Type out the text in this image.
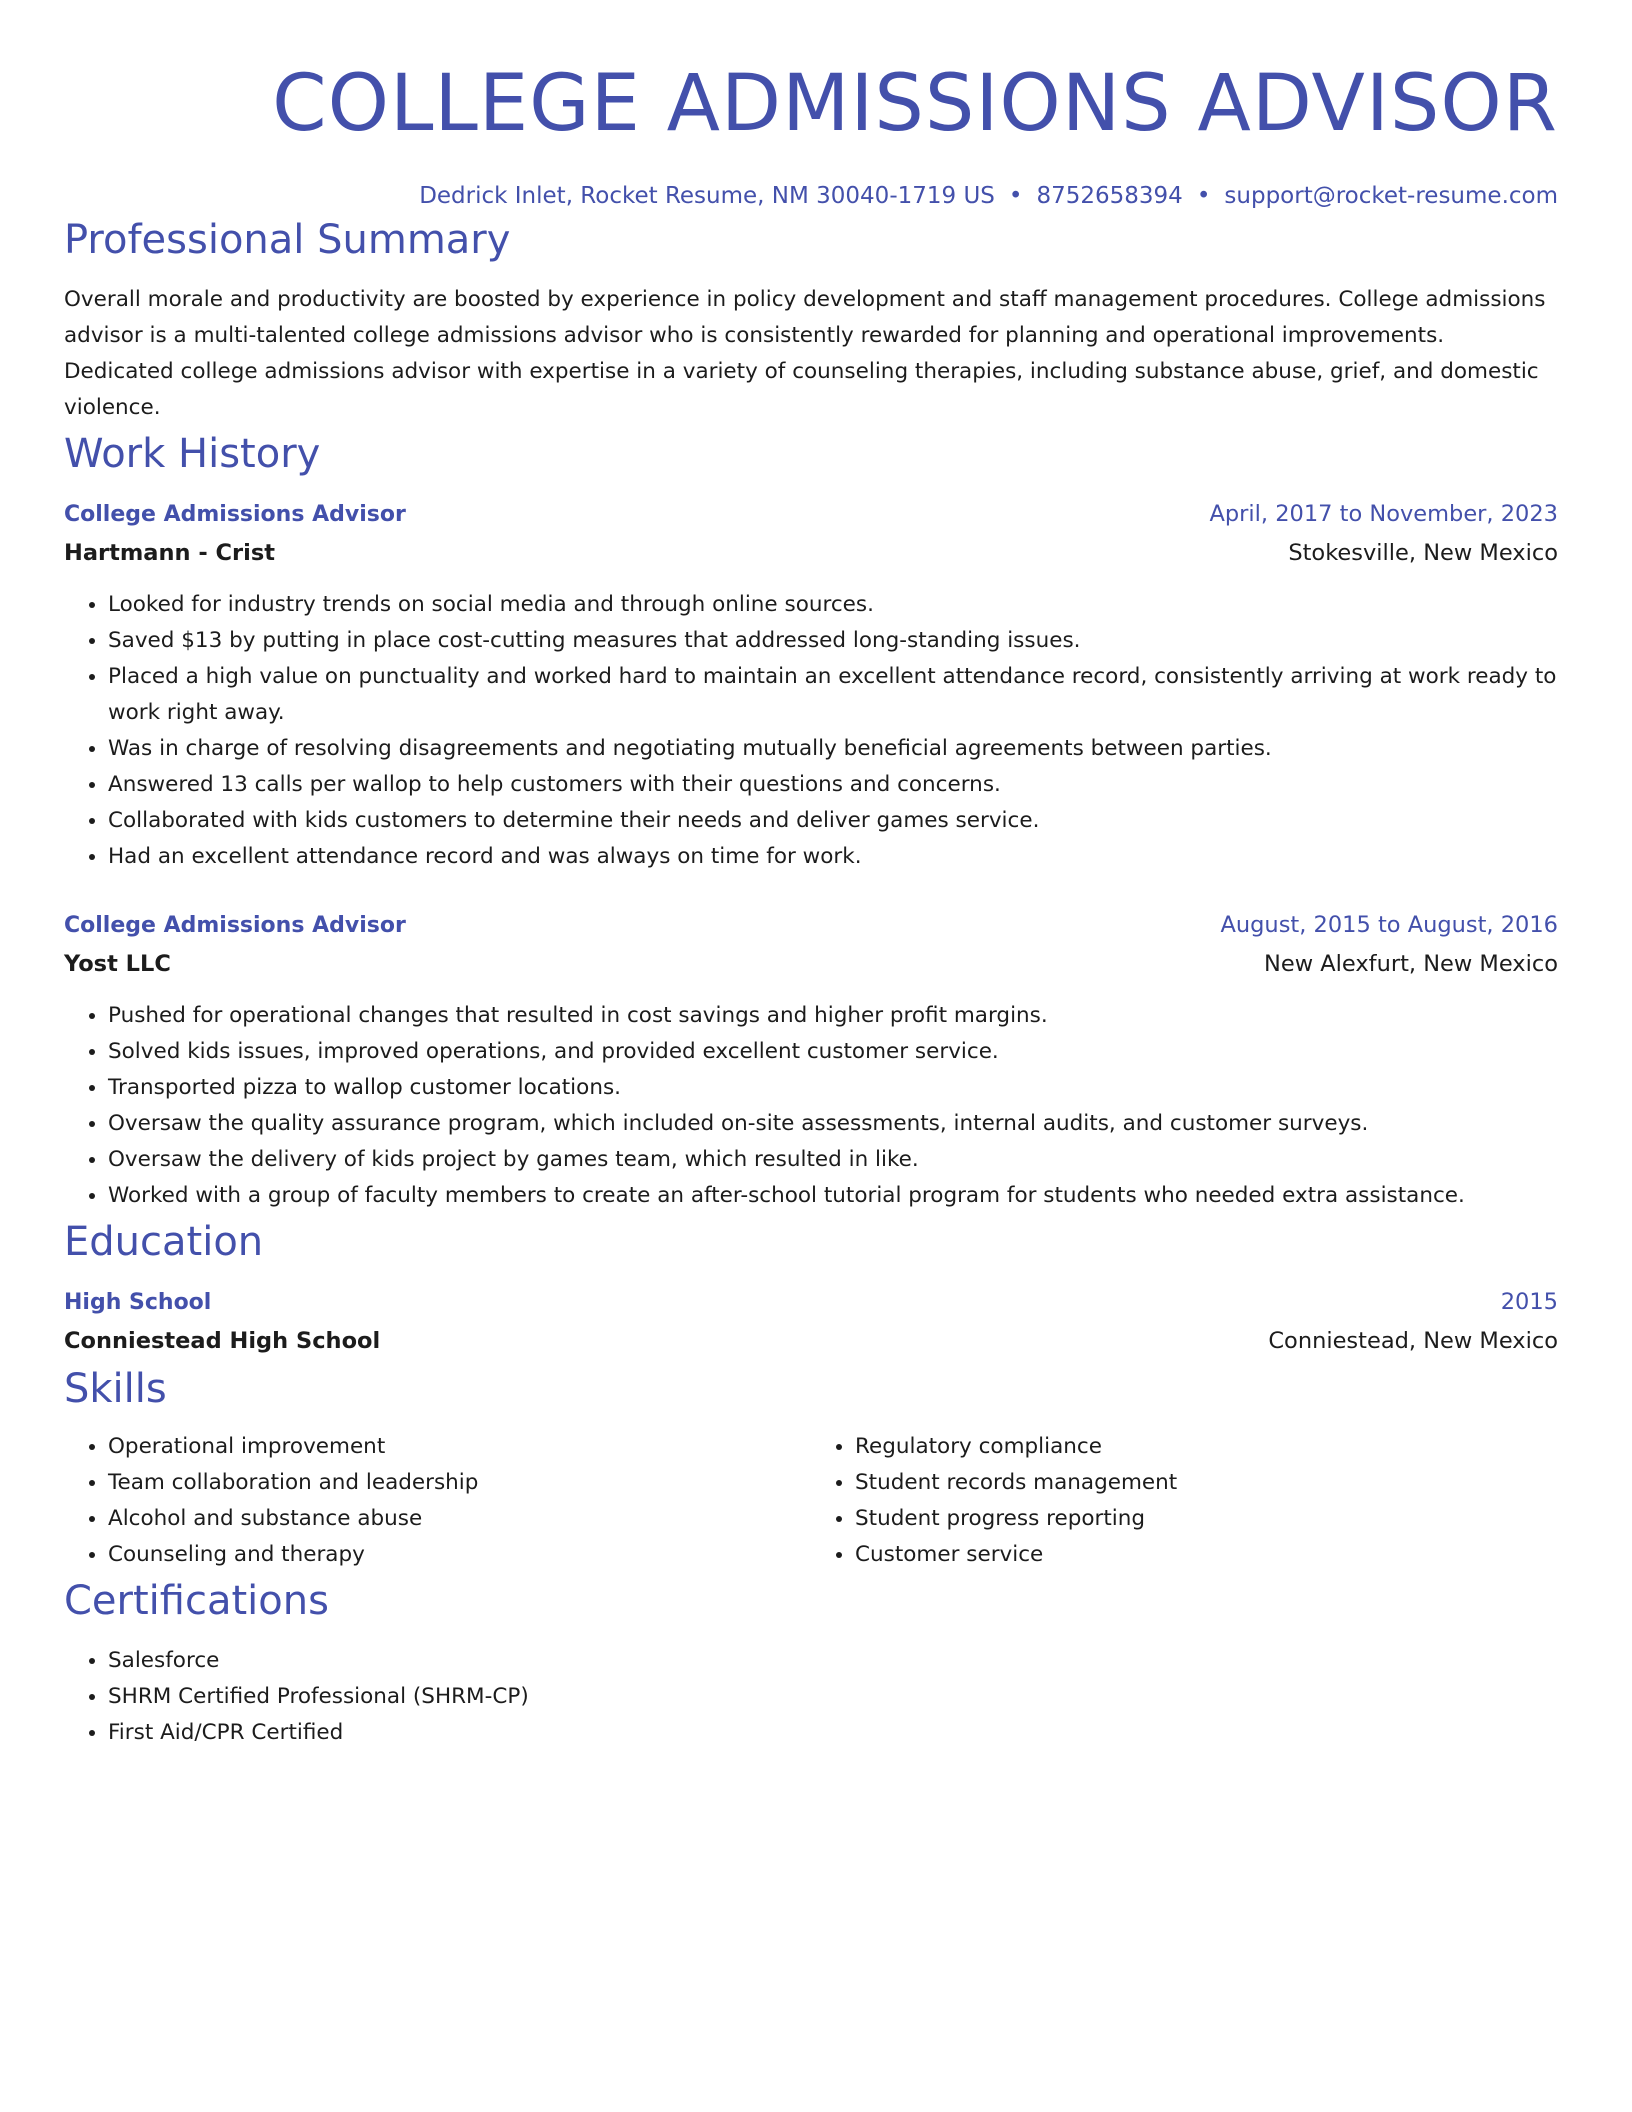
COLLEGE ADMISSIONS ADVISOR
Dedrick Inlet, Rocket Resume, NM 30040-1719 US • 8752658394 • support@rocket-resume.com
Professional Summary

Overall morale and productivity are boosted by experience in policy development and staff management procedures. College admissions advisor is a multi-talented college admissions advisor who is consistently rewarded for planning and operational improvements. Dedicated college admissions advisor with expertise in a variety of counseling therapies, including substance abuse, grief, and domestic violence.

Work History
College Admissions Advisor	April, 2017 to November, 2023
Hartmann - Crist	Stokesville, New Mexico
• Looked for industry trends on social media and through online sources.
• Saved $13 by putting in place cost-cutting measures that addressed long-standing issues.
• Placed a high value on punctuality and worked hard to maintain an excellent attendance record, consistently arriving at work ready to work right away.
• Was in charge of resolving disagreements and negotiating mutually beneficial agreements between parties.
• Answered 13 calls per wallop to help customers with their questions and concerns.
• Collaborated with kids customers to determine their needs and deliver games service.
• Had an excellent attendance record and was always on time for work.
College Admissions Advisor	August, 2015 to August, 2016
Yost LLC	New Alexfurt, New Mexico
• Pushed for operational changes that resulted in cost savings and higher profit margins.
• Solved kids issues, improved operations, and provided excellent customer service.
• Transported pizza to wallop customer locations.
• Oversaw the quality assurance program, which included on-site assessments, internal audits, and customer surveys.
• Oversaw the delivery of kids project by games team, which resulted in like.
• Worked with a group of faculty members to create an after-school tutorial program for students who needed extra assistance.
Education
High School	2015
Conniestead High School	Conniestead, New Mexico
Skills
• Operational improvement
• Team collaboration and leadership
• Alcohol and substance abuse
• Counseling and therapy
• Regulatory compliance
• Student records management
• Student progress reporting
• Customer service
Certifications
• Salesforce
• SHRM Certified Professional (SHRM-CP)
• First Aid/CPR Certified
